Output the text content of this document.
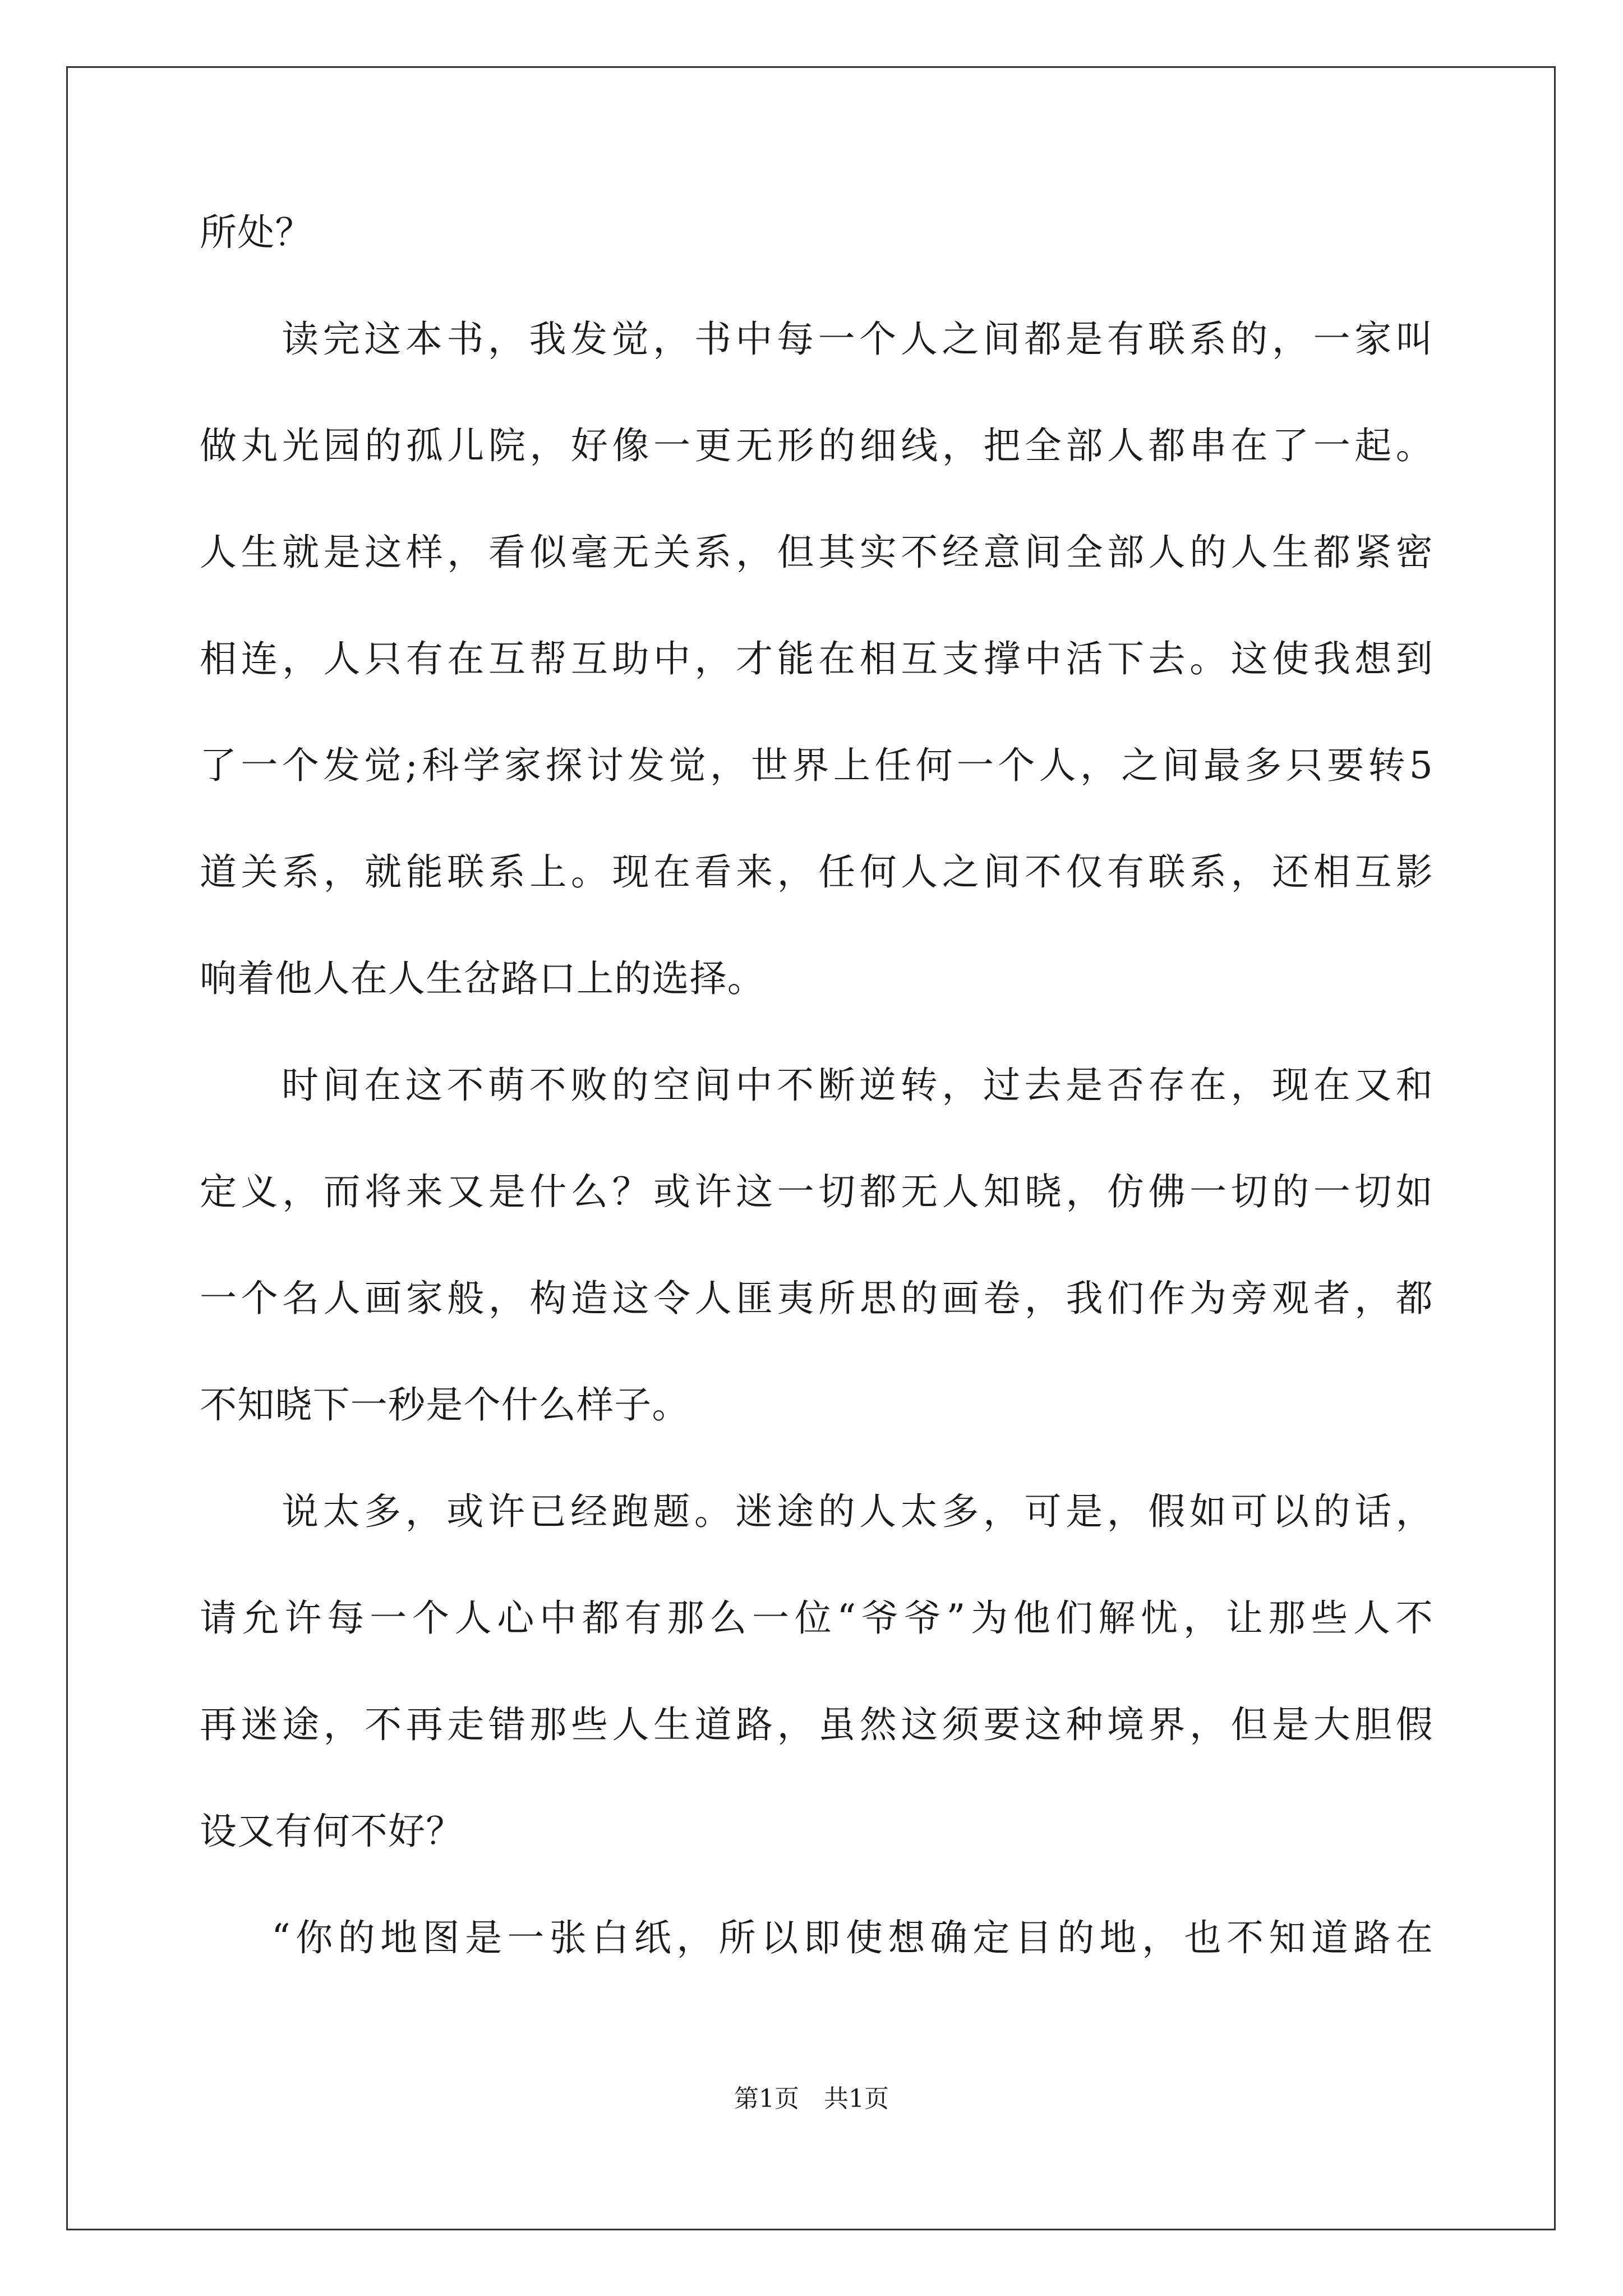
所处？
读完这本书，我发觉，书中每一个人之间都是有联系的，一家叫
做丸光园的孤儿院，好像一更无形的细线，把全部人都串在了一起。
人生就是这样，看似毫无关系，但其实不经意间全部人的人生都紧密
相连，人只有在互帮互助中，才能在相互支撑中活下去。这使我想到
了一个发觉;科学家探讨发觉，世界上任何一个人，之间最多只要转5
道关系，就能联系上。现在看来，任何人之间不仅有联系，还相互影
响着他人在人生岔路口上的选择。
时间在这不萌不败的空间中不断逆转，过去是否存在，现在又和
定义，而将来又是什么？或许这一切都无人知晓，仿佛一切的一切如
一个名人画家般，构造这令人匪夷所思的画卷，我们作为旁观者，都
不知晓下一秒是个什么样子。
说太多，或许已经跑题。迷途的人太多，可是，假如可以的话，
请允许每一个人心中都有那么一位“爷爷”为他们解忧，让那些人不
再迷途，不再走错那些人生道路，虽然这须要这种境界，但是大胆假
设又有何不好？
“你的地图是一张白纸，所以即使想确定目的地，也不知道路在
第1页　共1页
